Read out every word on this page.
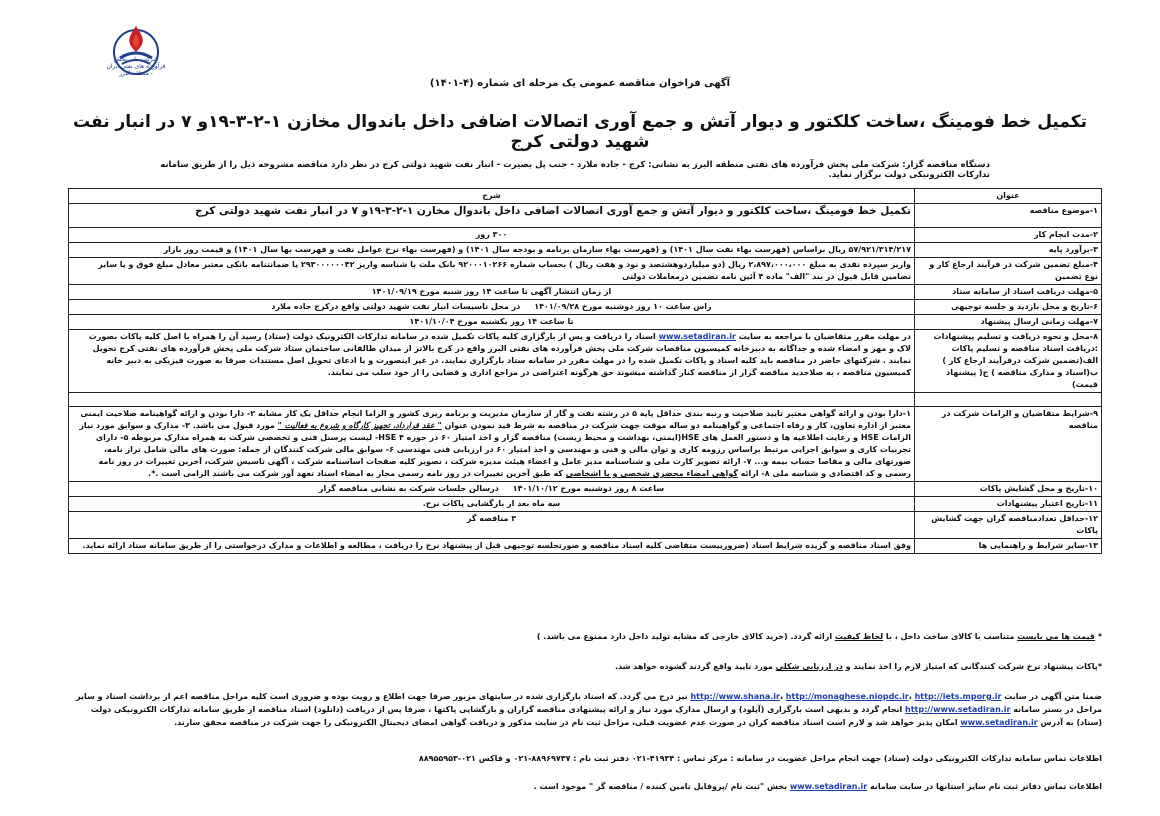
شرکت ملی پخش فرآورده های نفتی ایران - منطقه البرز
آگهی فراخوان مناقصه عمومی یک مرحله ای شماره (۴-۱۴۰۱)
تکمیل خط فومینگ ،ساخت کلکتور و دیوار آتش و جمع آوری اتصالات اضافی داخل باندوال مخازن ۱-۲-۳-۱۹و ۷ در انبار نفت شهید دولتی کرج
دستگاه مناقصه گزار: شرکت ملی پخش فرآورده های نفتی منطقه البرز به نشانی: کرج - جاده ملارد - جنب پل بصیرت - انبار نفت شهید دولتی کرج در نظر دارد مناقصه مشروحه ذیل را از طریق سامانه تدارکات الکترونیکی دولت برگزار نماید.
عنوان	شرح
۱-موضوع مناقصه	تکمیل خط فومینگ ،ساخت کلکتور و دیوار آتش و جمع آوری اتصالات اضافی داخل باندوال مخازن ۱-۲-۳-۱۹و ۷ در انبار نفت شهید دولتی کرج
۲-مدت انجام کار	۳۰۰ روز
۳-برآورد پایه	۵۷/۹۲۱/۳۱۴/۲۱۷ ریال براساس (فهرست بهاء نفت سال ۱۴۰۱) و (فهرست بهاء سازمان برنامه و بودجه سال ۱۴۰۱) و (فهرست بهاء نرخ عوامل نفت و فهرست بها سال ۱۴۰۱) و قیمت روز بازار
۴-مبلغ تضمین شرکت در فرآیند ارجاع کار و نوع تضمین	واریز سپرده نقدی به مبلغ ۲،۸۹۷،۰۰۰،۰۰۰ ریال (دو میلیاردوهشتصد و نود و هفت ریال ) بحساب شماره ۹۲۰۰۰۱۰۲۶۶ بانک ملت با شناسه واریز ۲۹۳۰۰۰۰۰۰۴۲ یا ضمانتنامه بانکی معتبر معادل مبلغ فوق و یا سایر تضامین قابل قبول در بند "الف" ماده ۴ آئین نامه تضمین درمعاملات دولتی
۵-مهلت دریافت اسناد از سامانه ستاد	از زمان انتشار آگهی تا ساعت ۱۴ روز شنبه مورخ ۱۴۰۱/۰۹/۱۹
۶-تاریخ و محل بازدید و جلسه توجیهی	راس ساعت ۱۰ روز دوشنبه مورخ ۱۴۰۱/۰۹/۲۸     در محل تاسیسات انبار نفت شهید دولتی واقع درکرج جاده ملارد
۷-مهلت زمانی ارسال پیشنهاد	تا ساعت ۱۴ روز یکشنبه مورخ ۱۴۰۱/۱۰/۰۴
۸-محل و نحوه دریافت و تسلیم پیشنهادات :دریافت اسناد مناقصه و تسلیم پاکات الف(تضمین شرکت درفرآیند ارجاع کار ) ب(اسناد و مدارک مناقصه ) ج( پیشنهاد قیمت)	در مهلت مقرر متقاضیان با مراجعه به سایت www.setadiran.ir اسناد را دریافت و پس از بارگزاری کلیه پاکات تکمیل شده در سامانه تدارکات الکترونیک دولت (ستاد) رسید آن را همراه با اصل کلیه پاکات بصورت لاک و مهر و امضاء شده و جداگانه به دبیرخانه کمیسیون مناقصات شرکت ملی پخش فرآورده های نفتی البرز واقع در کرج بالاتر از میدان طالقانی ساختمان ستاد شرکت ملی پخش فرآورده های نفتی کرج تحویل نمایند . شرکتهای حاضر در مناقصه باید کلیه اسناد و پاکات تکمیل شده را در مهلت مقرر در سامانه ستاد بارگزاری نمایند. در غیر اینصورت و یا ادعای تحویل اصل مستندات صرفا به صورت فیزیکی به دبیر خانه کمیسیون مناقصه ، به صلاحدید مناقصه گزار از مناقصه کنار گذاشته میشوند حق هرگونه اعتراضی در مراجع اداری و قضایی را از خود سلب می نمایند.

۹-شرایط متقاضیان و الزامات شرکت در مناقصه	۱-دارا بودن و ارائه گواهی معتبر تایید صلاحیت و رتبه بندی حداقل پایه ۵ در رشته نفت و گاز از سازمان مدیریت و برنامه ریزی کشور و الزاما انجام حداقل یک کار مشابه ۲- دارا بودن و ارائه گواهینامه صلاحیت ایمنی معتبر از اداره تعاون، کار و رفاه اجتماعی و گواهینامه دو ساله موقت جهت شرکت در مناقصه به شرط قید نمودن عنوان " عقد قرارداد، تجهیز کارگاه و شروع به فعالیت " مورد قبول می باشد. ۳- مدارک و سوابق مورد نیاز الزامات HSE و رعایت اطلاعیه ها و دستور العمل های HSE(ایمنی، بهداشت و محیط زیست) مناقصه گزار و اخذ امتیاز ۶۰ در حوزه HSE ۴- لیست پرسنل فنی و تخصصی شرکت به همراه مدارک مربوطه ۵- دارای تجربیات کاری و سوابق اجرایی مرتبط براساس رزومه کاری و توان مالی و فنی و مهندسی و اخذ امتیاز ۶۰ در ارزیابی فنی مهندسی ۶- سوابق مالی شرکت کنندگان از جمله: صورت های مالی شامل تراز نامه، صورتهای مالی و مفاصا حساب بیمه و... ۷- ارائه تصویر کارت ملی و شناسنامه مدیر عامل و اعضاء هیئت مدیره شرکت ، تصویر کلیه صفحات اساسنامه شرکت ، آگهی تاسیس شرکت، آخرین تغییرات در روز نامه رسمی و کد اقتصادی و شناسه ملی ۸- ارائه گواهی امضاء محضری شخصی و یا اشخاصی که طبق آخرین تغییرات در روز نامه رسمی مجاز به امضاء اسناد تعهد آور شرکت می باشند الزامی است .*.
۱۰-تاریخ و محل گشایش پاکات	ساعت ۸ روز دوشنبه مورخ ۱۴۰۱/۱۰/۱۲     درسالن جلسات شرکت به نشانی مناقصه گزار
۱۱-تاریخ اعتبار پیشنهادات	سه ماه بعد از بازگشایی پاکات نرخ.
۱۲-حداقل تعدادمناقصه گران جهت گشایش پاکات	۳ مناقصه گر
۱۳-سایر شرایط و راهنمایی ها	وفق اسناد مناقصه و گزیده شرایط اسناد (ضرورییست متقاضی کلیه اسناد مناقصه و صورتجلسه توجیهی قبل از پیشنهاد نرخ را دریافت ، مطالعه و اطلاعات و مدارک درخواستی را از طریق سامانه ستاد ارائه نماید.
* قیمت ها می بایست متناسب با کالای ساخت داخل ، با لحاظ کیفیت ارائه گردد. (خرید کالای خارجی که مشابه تولید داخل دارد ممنوع می باشد. )
*پاکات پیشنهاد نرخ شرکت کنندگانی که امتیاز لازم را اخذ نمایند و در ارزیابی شکلی مورد تایید واقع گردند گشوده خواهد شد.
ضمنا متن آگهی در سایت http://www.shana.ir، http://monaghese.niopdc.ir، http://iets.mporg.ir نیز درج می گردد. که اسناد بارگزاری شده در سایتهای مزبور صرفا جهت اطلاع و رویت بوده و ضروری است کلیه مراحل مناقصه اعم از برداشت اسناد و سایر مراحل در بستر سامانه http://www.setadiran.ir انجام گردد و بدیهی است بارگزاری (آپلود) و ارسال مدارک مورد نیاز و ارائه پیشنهادی مناقصه گزاران و بازگشایی پاکتها ، صرفا پس از دریافت (دانلود) اسناد مناقصه از طریق سامانه تدارکات الکترونیکی دولت (ستاد) به آدرس www.setadiran.ir امکان پذیر خواهد شد و لازم است اسناد مناقصه کران در صورت عدم عضویت قبلی، مراحل ثبت نام در سایت مذکور و دریافت گواهی امضای دیجیتال الکترونیکی را جهت شرکت در مناقصه محقق سازند.
اطلاعات تماس سامانه تدارکات الکترونیکی دولت (ستاد) جهت انجام مراحل عضویت در سامانه : مرکز تماس : ۴۱۹۳۴-۰۲۱ دفتر ثبت نام : ۸۸۹۶۹۷۳۷-۰۲۱ و فاکس ۰۲۱-۸۸۹۵۵۹۵۳
اطلاعات تماس دفاتر ثبت نام سایر استانها در سایت سامانه www.setadiran.ir بخش "ثبت نام /پروفایل تامین کننده / مناقصه گر " موجود است .
